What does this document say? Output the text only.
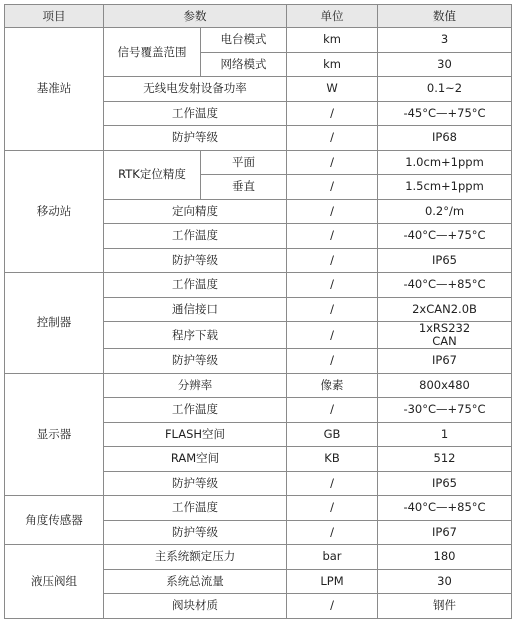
项目	参数		单位	数值
基准站	信号覆盖范围	电台模式	km	3
		网络模式	km	30
	无线电发射设备功率		W	0.1~2
	工作温度		/	-45°C—+75°C
	防护等级		/	IP68
移动站	RTK定位精度	平面	/	1.0cm+1ppm
		垂直	/	1.5cm+1ppm
	定向精度		/	0.2°/m
	工作温度		/	-40°C—+75°C
	防护等级		/	IP65
控制器	工作温度		/	-40°C—+85°C
	通信接口		/	2xCAN2.0B
	程序下载		/	1xRS232
CAN
	防护等级		/	IP67
显示器	分辨率		像素	800x480
	工作温度		/	-30°C—+75°C
	FLASH空间		GB	1
	RAM空间		KB	512
	防护等级		/	IP65
角度传感器	工作温度		/	-40°C—+85°C
	防护等级		/	IP67
液压阀组	主系统额定压力		bar	180
	系统总流量		LPM	30
	阀块材质		/	钢件
